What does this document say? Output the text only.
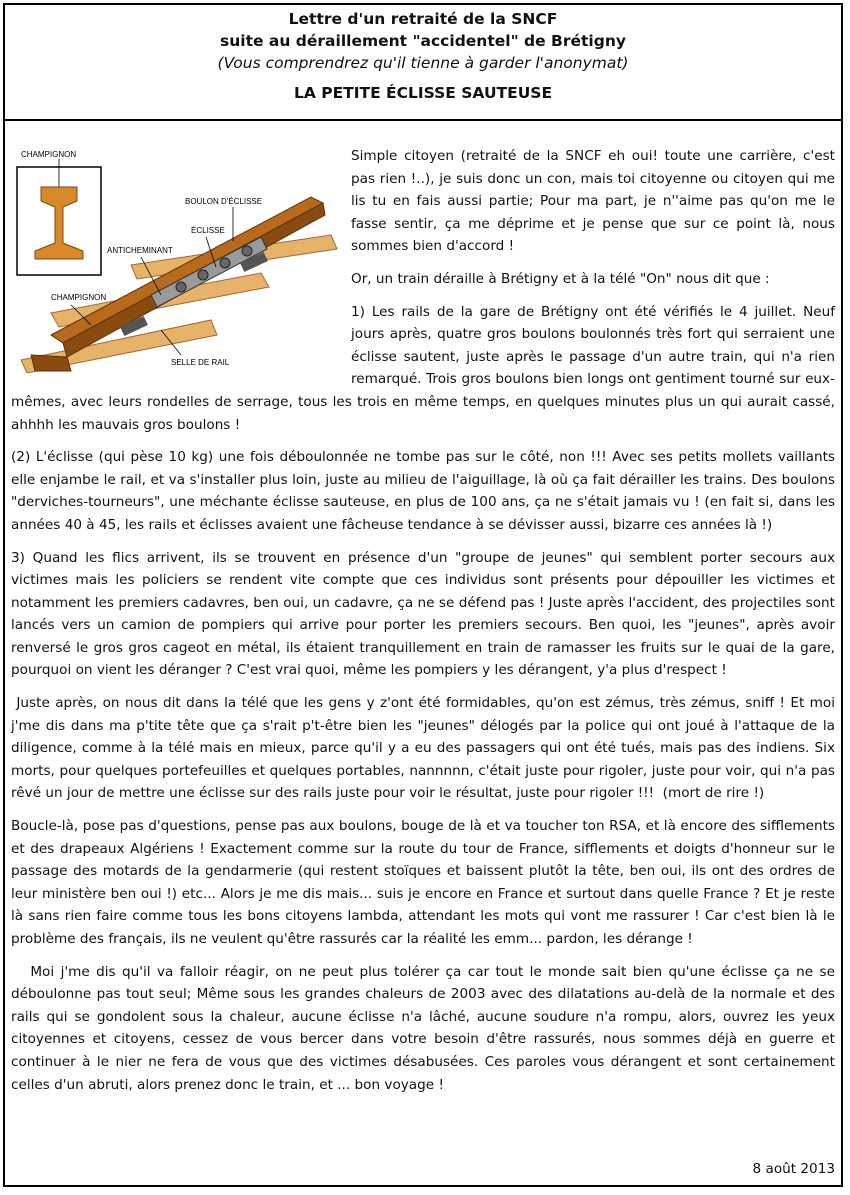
Lettre d'un retraité de la SNCF
suite au déraillement "accidentel" de Brétigny
(Vous comprendrez qu'il tienne à garder l'anonymat)
LA PETITE ÉCLISSE SAUTEUSE
CHAMPIGNON
BOULON D'ÉCLISSE
ÉCLISSE
ANTICHEMINANT
CHAMPIGNON
SELLE DE RAIL

Simple citoyen (retraité de la SNCF eh oui! toute une carrière, c'est pas rien !..), je suis donc un con, mais toi citoyenne ou citoyen qui me lis tu en fais aussi partie; Pour ma part, je n''aime pas qu'on me le fasse sentir, ça me déprime et je pense que sur ce point là, nous sommes bien d'accord !

Or, un train déraille à Brétigny et à la télé "On" nous dit que :

1) Les rails de la gare de Brétigny ont été vérifiés le 4 juillet. Neuf jours après, quatre gros boulons boulonnés très fort qui serraient une éclisse sautent, juste après le passage d'un autre train, qui n'a rien remarqué. Trois gros boulons bien longs ont gentiment tourné sur eux-mêmes, avec leurs rondelles de serrage, tous les trois en même temps, en quelques minutes plus un qui aurait cassé, ahhhh les mauvais gros boulons !

(2) L'éclisse (qui pèse 10 kg) une fois déboulonnée ne tombe pas sur le côté, non !!! Avec ses petits mollets vaillants elle enjambe le rail, et va s'installer plus loin, juste au milieu de l'aiguillage, là où ça fait dérailler les trains. Des boulons "derviches-tourneurs", une méchante éclisse sauteuse, en plus de 100 ans, ça ne s'était jamais vu ! (en fait si, dans les années 40 à 45, les rails et éclisses avaient une fâcheuse tendance à se dévisser aussi, bizarre ces années là !)

3) Quand les flics arrivent, ils se trouvent en présence d'un "groupe de jeunes" qui semblent porter secours aux victimes mais les policiers se rendent vite compte que ces individus sont présents pour dépouiller les victimes et notamment les premiers cadavres, ben oui, un cadavre, ça ne se défend pas ! Juste après l'accident, des projectiles sont lancés vers un camion de pompiers qui arrive pour porter les premiers secours. Ben quoi, les "jeunes", après avoir renversé le gros gros cageot en métal, ils étaient tranquillement en train de ramasser les fruits sur le quai de la gare, pourquoi on vient les déranger ? C'est vrai quoi, même les pompiers y les dérangent, y'a plus d'respect !

Juste après, on nous dit dans la télé que les gens y z'ont été formidables, qu'on est zémus, très zémus, sniff ! Et moi j'me dis dans ma p'tite tête que ça s'rait p't-être bien les "jeunes" délogés par la police qui ont joué à l'attaque de la diligence, comme à la télé mais en mieux, parce qu'il y a eu des passagers qui ont été tués, mais pas des indiens. Six morts, pour quelques portefeuilles et quelques portables, nannnnn, c'était juste pour rigoler, juste pour voir, qui n'a pas rêvé un jour de mettre une éclisse sur des rails juste pour voir le résultat, juste pour rigoler !!!  (mort de rire !)

Boucle-là, pose pas d'questions, pense pas aux boulons, bouge de là et va toucher ton RSA, et là encore des sifflements et des drapeaux Algériens ! Exactement comme sur la route du tour de France, sifflements et doigts d'honneur sur le passage des motards de la gendarmerie (qui restent stoïques et baissent plutôt la tête, ben oui, ils ont des ordres de leur ministère ben oui !) etc... Alors je me dis mais... suis je encore en France et surtout dans quelle France ? Et je reste là sans rien faire comme tous les bons citoyens lambda, attendant les mots qui vont me rassurer ! Car c'est bien là le problème des français, ils ne veulent qu'être rassurés car la réalité les emm... pardon, les dérange !

Moi j'me dis qu'il va falloir réagir, on ne peut plus tolérer ça car tout le monde sait bien qu'une éclisse ça ne se déboulonne pas tout seul; Même sous les grandes chaleurs de 2003 avec des dilatations au-delà de la normale et des rails qui se gondolent sous la chaleur, aucune éclisse n'a lâché, aucune soudure n'a rompu, alors, ouvrez les yeux citoyennes et citoyens, cessez de vous bercer dans votre besoin d'être rassurés, nous sommes déjà en guerre et continuer à le nier ne fera de vous que des victimes désabusées. Ces paroles vous dérangent et sont certainement celles d'un abruti, alors prenez donc le train, et ... bon voyage !

8 août 2013
